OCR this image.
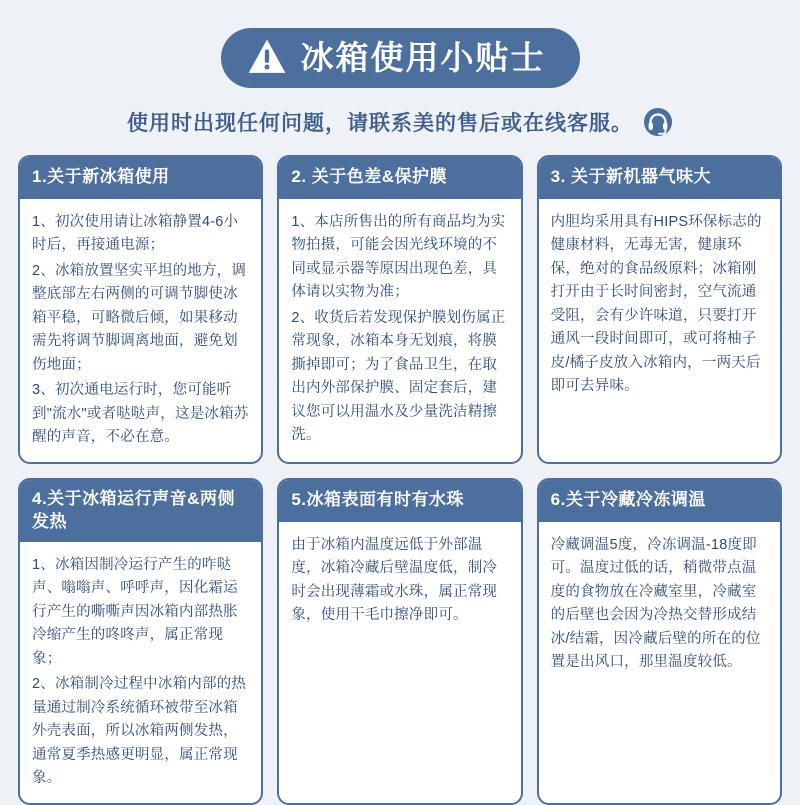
冰箱使用小贴士
使用时出现任何问题，请联系美的售后或在线客服。
1.关于新冰箱使用

1、初次使用请让冰箱静置4-6小时后，再接通电源；

2、冰箱放置坚实平坦的地方，调整底部左右两侧的可调节脚使冰箱平稳，可略微后倾，如果移动需先将调节脚调离地面，避免划伤地面；

3、初次通电运行时，您可能听到"流水"或者哒哒声，这是冰箱苏醒的声音，不必在意。

2. 关于色差&保护膜

1、本店所售出的所有商品均为实物拍摄，可能会因光线环境的不同或显示器等原因出现色差，具体请以实物为准；

2、收货后若发现保护膜划伤属正常现象，冰箱本身无划痕，将膜撕掉即可；为了食品卫生，在取出内外部保护膜、固定套后，建议您可以用温水及少量洗洁精擦洗。

3. 关于新机器气味大

内胆均采用具有HIPS环保标志的健康材料，无毒无害，健康环保，绝对的食品级原料；冰箱刚打开由于长时间密封，空气流通受阻，会有少许味道，只要打开通风一段时间即可，或可将柚子皮/橘子皮放入冰箱内，一两天后即可去异味。

4.关于冰箱运行声音&两侧发热

1、冰箱因制冷运行产生的咋哒声、嗡嗡声、呼呼声，因化霜运行产生的嘶嘶声因冰箱内部热胀冷缩产生的咚咚声，属正常现象；

2、冰箱制冷过程中冰箱内部的热量通过制冷系统循环被带至冰箱外壳表面，所以冰箱两侧发热，通常夏季热感更明显，属正常现象。

5.冰箱表面有时有水珠

由于冰箱内温度远低于外部温度，冰箱冷藏后壁温度低，制冷时会出现薄霜或水珠，属正常现象，使用干毛巾擦净即可。

6.关于冷藏冷冻调温

冷藏调温5度，冷冻调温-18度即可。温度过低的话，稍微带点温度的食物放在冷藏室里，冷藏室的后壁也会因为冷热交替形成结冰/结霜，因冷藏后壁的所在的位置是出风口，那里温度较低。
